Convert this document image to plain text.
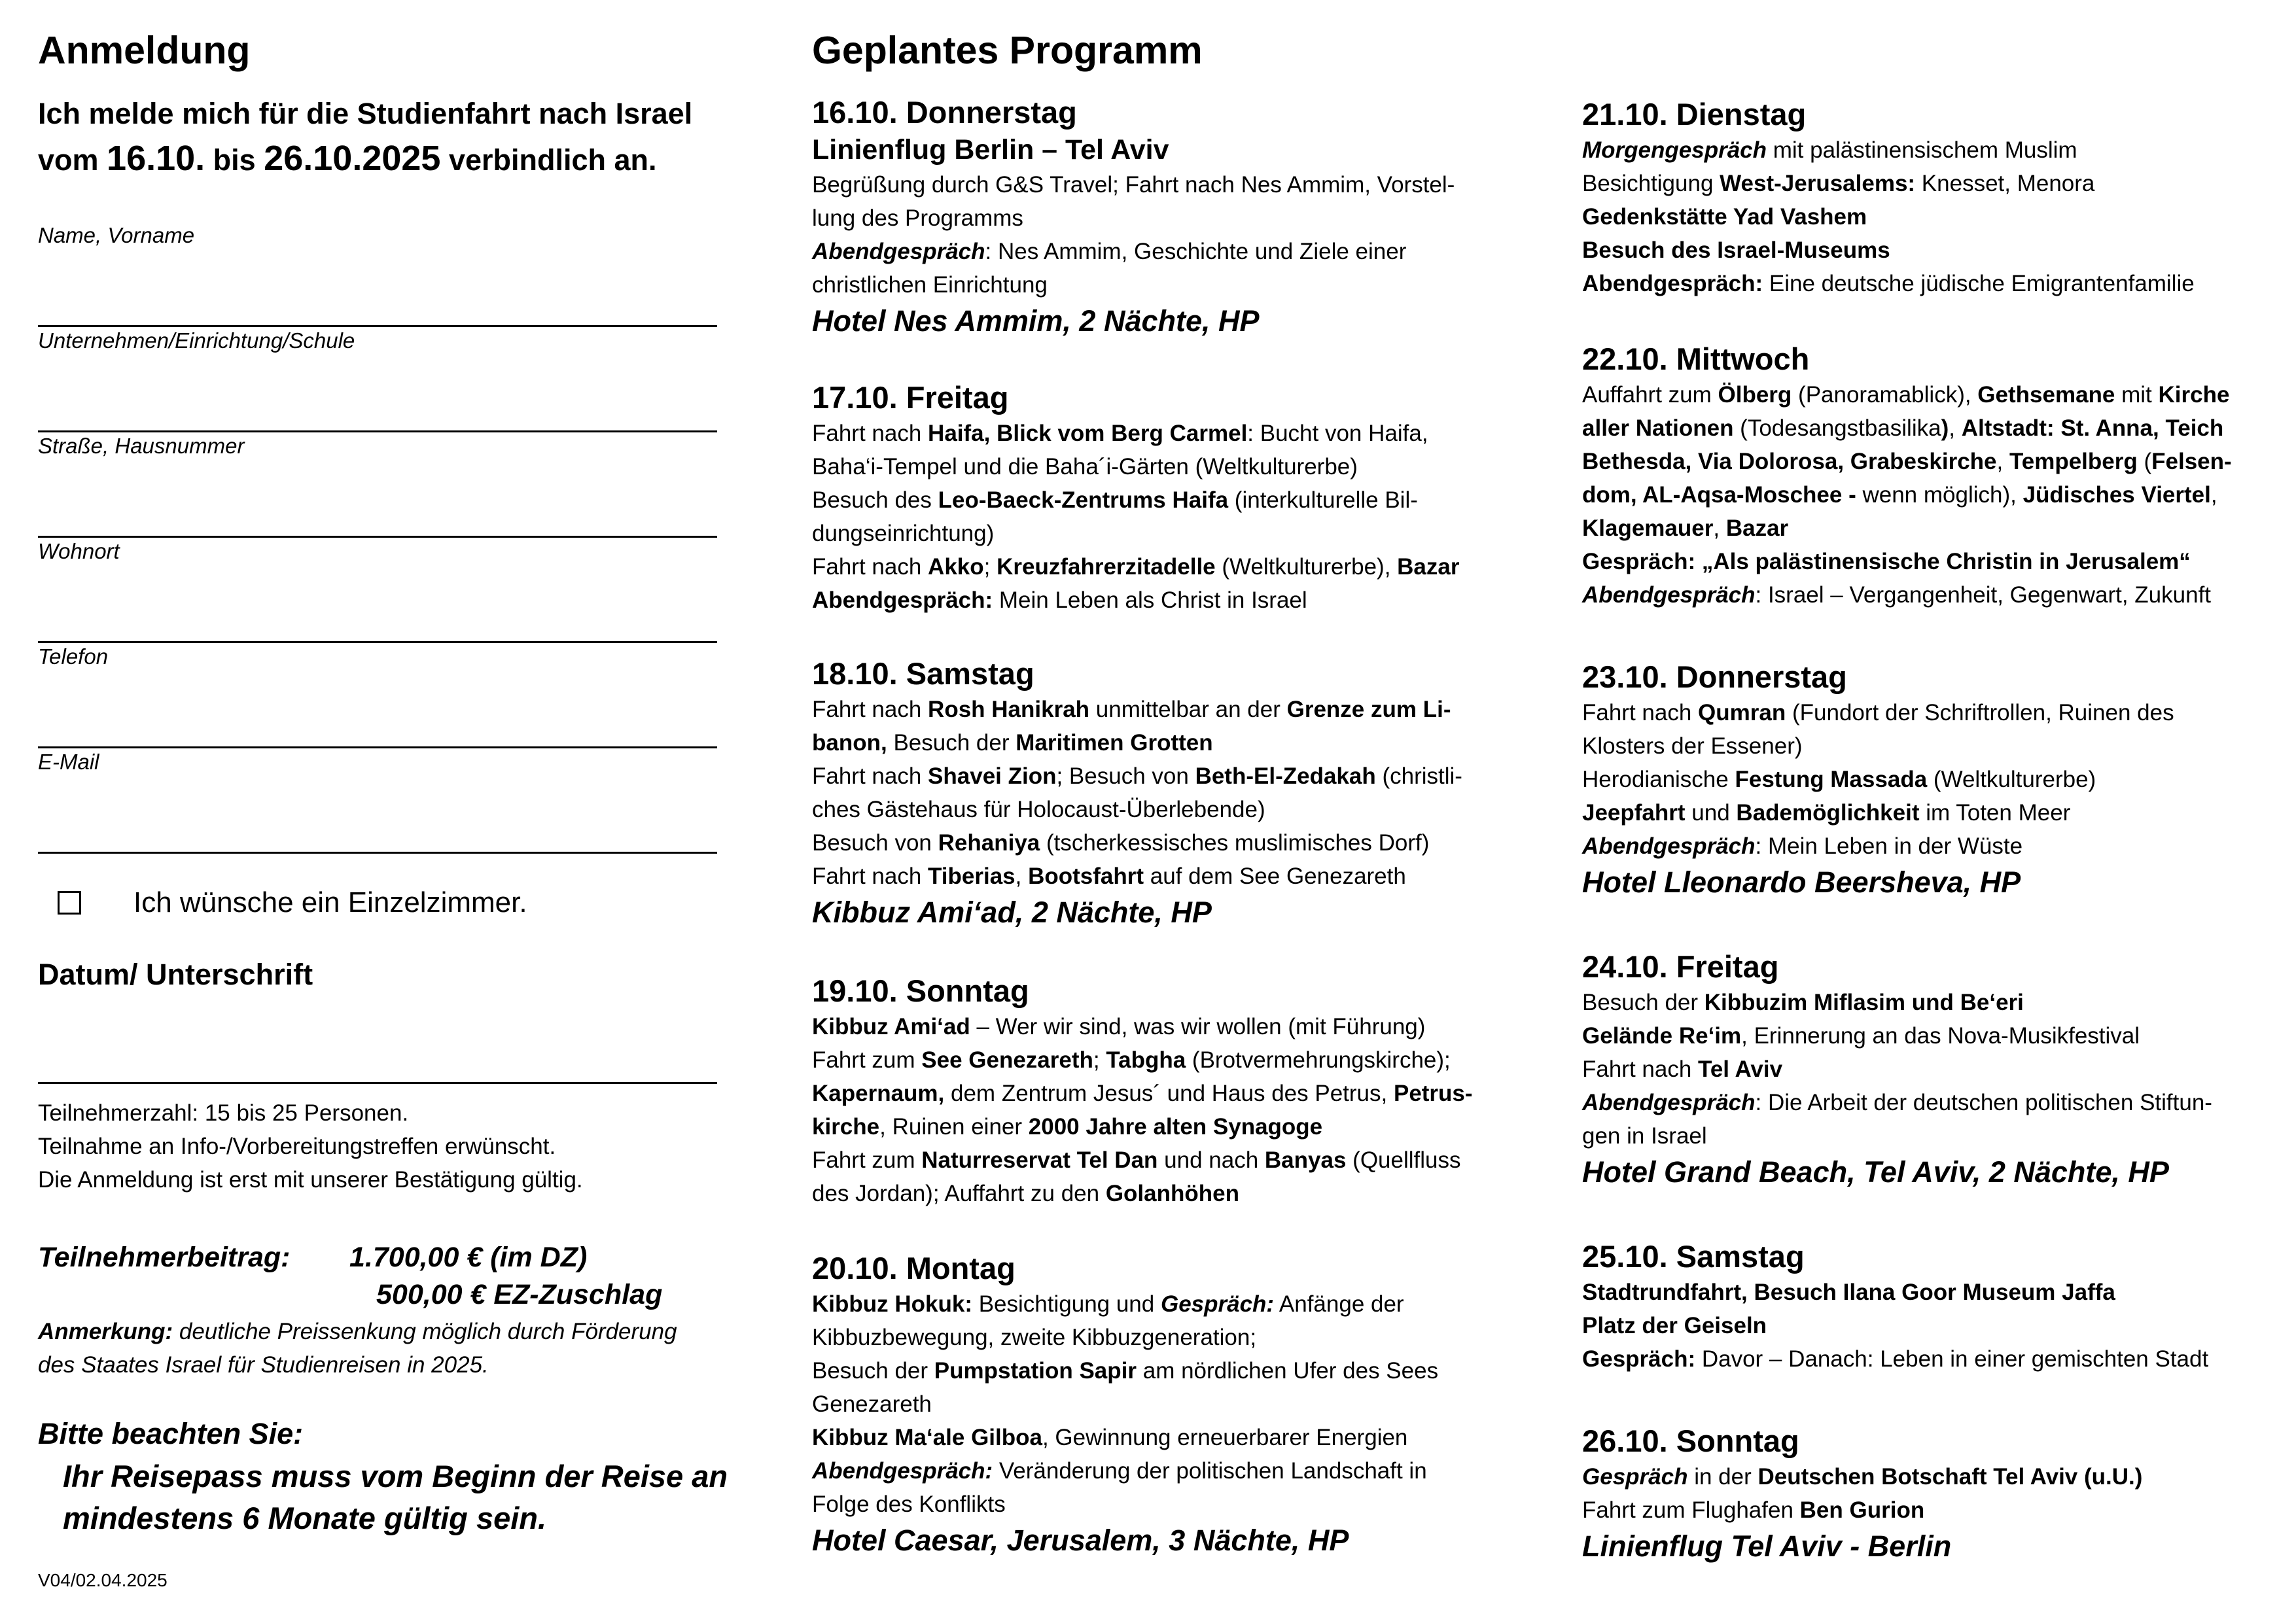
Anmeldung
Ich melde mich für die Studienfahrt nach Israel
vom 16.10. bis 26.10.2025 verbindlich an.
Name, Vorname
Unternehmen/Einrichtung/Schule
Straße, Hausnummer
Wohnort
Telefon
E-Mail
Ich wünsche ein Einzelzimmer.
Datum/ Unterschrift
Teilnehmerzahl: 15 bis 25 Personen.
Teilnahme an Info-/Vorbereitungstreffen erwünscht.
Die Anmeldung ist erst mit unserer Bestätigung gültig.
Teilnehmerbeitrag: 1.700,00 € (im DZ)
500,00 € EZ-Zuschlag
Anmerkung: deutliche Preissenkung möglich durch Förderung
des Staates Israel für Studienreisen in 2025.
Bitte beachten Sie:
Ihr Reisepass muss vom Beginn der Reise an
mindestens 6 Monate gültig sein.
V04/02.04.2025
Geplantes Programm
16.10. Donnerstag
Linienflug Berlin – Tel Aviv
Begrüßung durch G&S Travel; Fahrt nach Nes Ammim, Vorstel-
lung des Programms
Abendgespräch: Nes Ammim, Geschichte und Ziele einer
christlichen Einrichtung
Hotel Nes Ammim, 2 Nächte, HP
17.10. Freitag
Fahrt nach Haifa, Blick vom Berg Carmel: Bucht von Haifa,
Baha‘i-Tempel und die Baha´i-Gärten (Weltkulturerbe)
Besuch des Leo-Baeck-Zentrums Haifa (interkulturelle Bil-
dungseinrichtung)
Fahrt nach Akko; Kreuzfahrerzitadelle (Weltkulturerbe), Bazar
Abendgespräch: Mein Leben als Christ in Israel
18.10. Samstag
Fahrt nach Rosh Hanikrah unmittelbar an der Grenze zum Li-
banon, Besuch der Maritimen Grotten
Fahrt nach Shavei Zion; Besuch von Beth-El-Zedakah (christli-
ches Gästehaus für Holocaust-Überlebende)
Besuch von Rehaniya (tscherkessisches muslimisches Dorf)
Fahrt nach Tiberias, Bootsfahrt auf dem See Genezareth
Kibbuz Ami‘ad, 2 Nächte, HP
19.10. Sonntag
Kibbuz Ami‘ad – Wer wir sind, was wir wollen (mit Führung)
Fahrt zum See Genezareth; Tabgha (Brotvermehrungskirche);
Kapernaum, dem Zentrum Jesus´ und Haus des Petrus, Petrus-
kirche, Ruinen einer 2000 Jahre alten Synagoge
Fahrt zum Naturreservat Tel Dan und nach Banyas (Quellfluss
des Jordan); Auffahrt zu den Golanhöhen
20.10. Montag
Kibbuz Hokuk: Besichtigung und Gespräch: Anfänge der
Kibbuzbewegung, zweite Kibbuzgeneration;
Besuch der Pumpstation Sapir am nördlichen Ufer des Sees
Genezareth
Kibbuz Ma‘ale Gilboa, Gewinnung erneuerbarer Energien
Abendgespräch: Veränderung der politischen Landschaft in
Folge des Konflikts
Hotel Caesar, Jerusalem, 3 Nächte, HP
21.10. Dienstag
Morgengespräch mit palästinensischem Muslim
Besichtigung West-Jerusalems: Knesset, Menora
Gedenkstätte Yad Vashem
Besuch des Israel-Museums
Abendgespräch: Eine deutsche jüdische Emigrantenfamilie
22.10. Mittwoch
Auffahrt zum Ölberg (Panoramablick), Gethsemane mit Kirche
aller Nationen (Todesangstbasilika), Altstadt: St. Anna, Teich
Bethesda, Via Dolorosa, Grabeskirche, Tempelberg (Felsen-
dom, AL-Aqsa-Moschee - wenn möglich), Jüdisches Viertel,
Klagemauer, Bazar
Gespräch: „Als palästinensische Christin in Jerusalem“
Abendgespräch: Israel – Vergangenheit, Gegenwart, Zukunft
23.10. Donnerstag
Fahrt nach Qumran (Fundort der Schriftrollen, Ruinen des
Klosters der Essener)
Herodianische Festung Massada (Weltkulturerbe)
Jeepfahrt und Bademöglichkeit im Toten Meer
Abendgespräch: Mein Leben in der Wüste
Hotel Lleonardo Beersheva, HP
24.10. Freitag
Besuch der Kibbuzim Miflasim und Be‘eri
Gelände Re‘im, Erinnerung an das Nova-Musikfestival
Fahrt nach Tel Aviv
Abendgespräch: Die Arbeit der deutschen politischen Stiftun-
gen in Israel
Hotel Grand Beach, Tel Aviv, 2 Nächte, HP
25.10. Samstag
Stadtrundfahrt, Besuch Ilana Goor Museum Jaffa
Platz der Geiseln
Gespräch: Davor – Danach: Leben in einer gemischten Stadt
26.10. Sonntag
Gespräch in der Deutschen Botschaft Tel Aviv (u.U.)
Fahrt zum Flughafen Ben Gurion
Linienflug Tel Aviv - Berlin
